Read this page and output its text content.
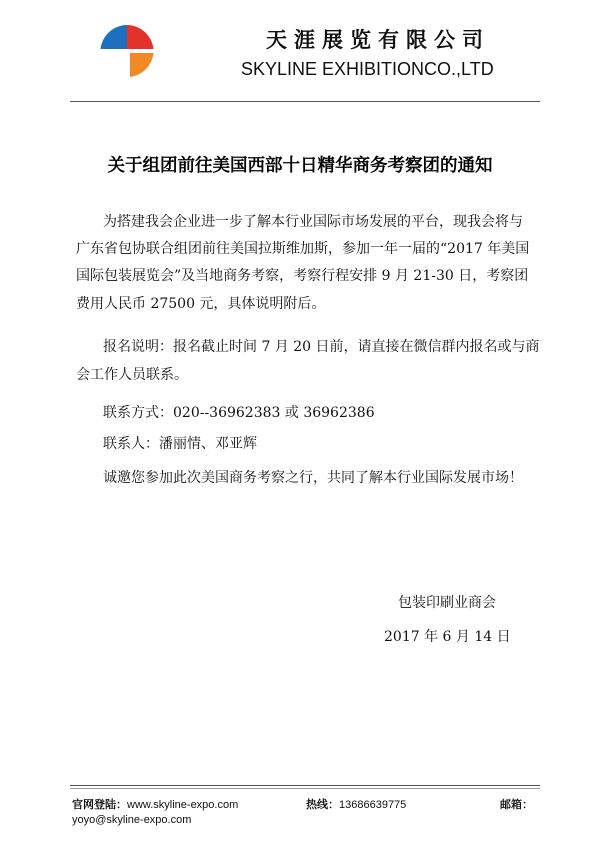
天涯展览有限公司
SKYLINE EXHIBITIONCO.,LTD
关于组团前往美国西部十日精华商务考察团的通知
为搭建我会企业进一步了解本行业国际市场发展的平台，现我会将与
广东省包协联合组团前往美国拉斯维加斯，参加一年一届的“2017 年美国
国际包装展览会”及当地商务考察，考察行程安排 9 月 21-30 日，考察团
费用人民币 27500 元，具体说明附后。
报名说明：报名截止时间 7 月 20 日前，请直接在微信群内报名或与商
会工作人员联系。
联系方式：020--36962383 或 36962386
联系人：潘丽情、邓亚辉
诚邀您参加此次美国商务考察之行，共同了解本行业国际发展市场！
包装印刷业商会
2017 年 6 月 14 日
官网登陆：www.skyline-expo.com	热线：13686639775	邮箱：
yoyo@skyline-expo.com
